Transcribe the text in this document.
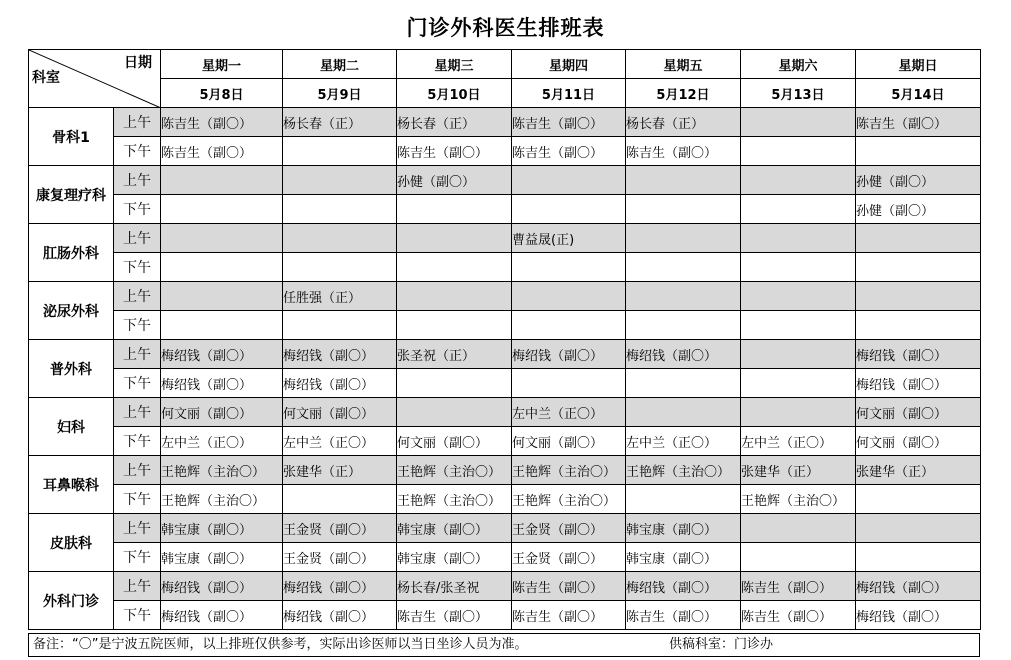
门诊外科医生排班表
日期
科室		星期一	星期二	星期三	星期四	星期五	星期六	星期日
		5月8日	5月9日	5月10日	5月11日	5月12日	5月13日	5月14日
骨科1	上午	陈吉生（副〇）	杨长春（正）	杨长春（正）	陈吉生（副〇）	杨长春（正）		陈吉生（副〇）
	下午	陈吉生（副〇）		陈吉生（副〇）	陈吉生（副〇）	陈吉生（副〇）		
康复理疗科	上午			孙健（副〇）				孙健（副〇）
	下午							孙健（副〇）
肛肠外科	上午				曹益晟(正)			
	下午							
泌尿外科	上午		任胜强（正）					
	下午							
普外科	上午	梅绍钱（副〇）	梅绍钱（副〇）	张圣祝（正）	梅绍钱（副〇）	梅绍钱（副〇）		梅绍钱（副〇）
	下午	梅绍钱（副〇）	梅绍钱（副〇）					梅绍钱（副〇）
妇科	上午	何文丽（副〇）	何文丽（副〇）		左中兰（正〇）			何文丽（副〇）
	下午	左中兰（正〇）	左中兰（正〇）	何文丽（副〇）	何文丽（副〇）	左中兰（正〇）	左中兰（正〇）	何文丽（副〇）
耳鼻喉科	上午	王艳辉（主治〇）	张建华（正）	王艳辉（主治〇）	王艳辉（主治〇）	王艳辉（主治〇）	张建华（正）	张建华（正）
	下午	王艳辉（主治〇）		王艳辉（主治〇）	王艳辉（主治〇）		王艳辉（主治〇）	
皮肤科	上午	韩宝康（副〇）	王金贤（副〇）	韩宝康（副〇）	王金贤（副〇）	韩宝康（副〇）		
	下午	韩宝康（副〇）	王金贤（副〇）	韩宝康（副〇）	王金贤（副〇）	韩宝康（副〇）		
外科门诊	上午	梅绍钱（副〇）	梅绍钱（副〇）	杨长春/张圣祝	陈吉生（副〇）	梅绍钱（副〇）	陈吉生（副〇）	梅绍钱（副〇）
	下午	梅绍钱（副〇）	梅绍钱（副〇）	陈吉生（副〇）	陈吉生（副〇）	陈吉生（副〇）	陈吉生（副〇）	梅绍钱（副〇）
备注：“〇”是宁波五院医师，以上排班仅供参考，实际出诊医师以当日坐诊人员为准。	供稿科室：门诊办
